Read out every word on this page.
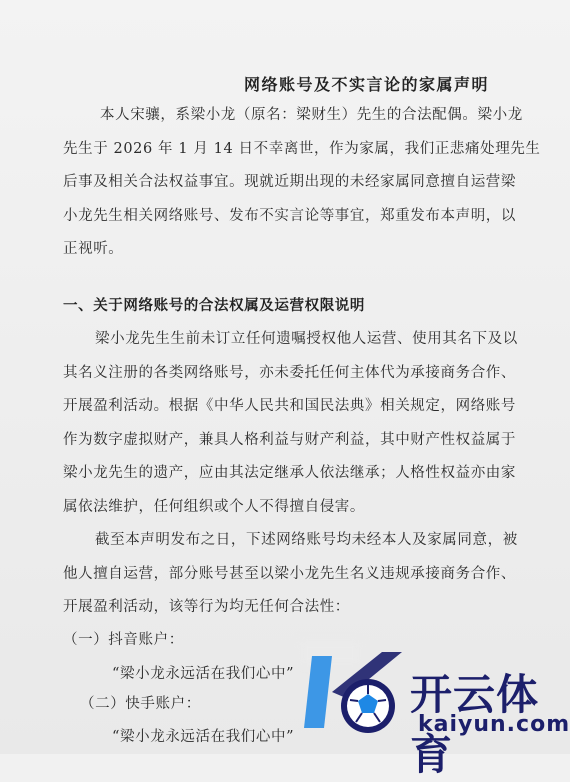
网络账号及不实言论的家属声明
本人宋骧，系梁小龙（原名：梁财生）先生的合法配偶。梁小龙
先生于 2026 年 1 月 14 日不幸离世，作为家属，我们正悲痛处理先生
后事及相关合法权益事宜。现就近期出现的未经家属同意擅自运营梁
小龙先生相关网络账号、发布不实言论等事宜，郑重发布本声明，以
正视听。
一、关于网络账号的合法权属及运营权限说明
梁小龙先生生前未订立任何遗嘱授权他人运营、使用其名下及以
其名义注册的各类网络账号，亦未委托任何主体代为承接商务合作、
开展盈利活动。根据《中华人民共和国民法典》相关规定，网络账号
作为数字虚拟财产，兼具人格利益与财产利益，其中财产性权益属于
梁小龙先生的遗产，应由其法定继承人依法继承；人格性权益亦由家
属依法维护，任何组织或个人不得擅自侵害。
截至本声明发布之日，下述网络账号均未经本人及家属同意，被
他人擅自运营，部分账号甚至以梁小龙先生名义违规承接商务合作、
开展盈利活动，该等行为均无任何合法性：
（一）抖音账户：
“梁小龙永远活在我们心中”
（二）快手账户：
“梁小龙永远活在我们心中”
开云体育
kaiyun.com
